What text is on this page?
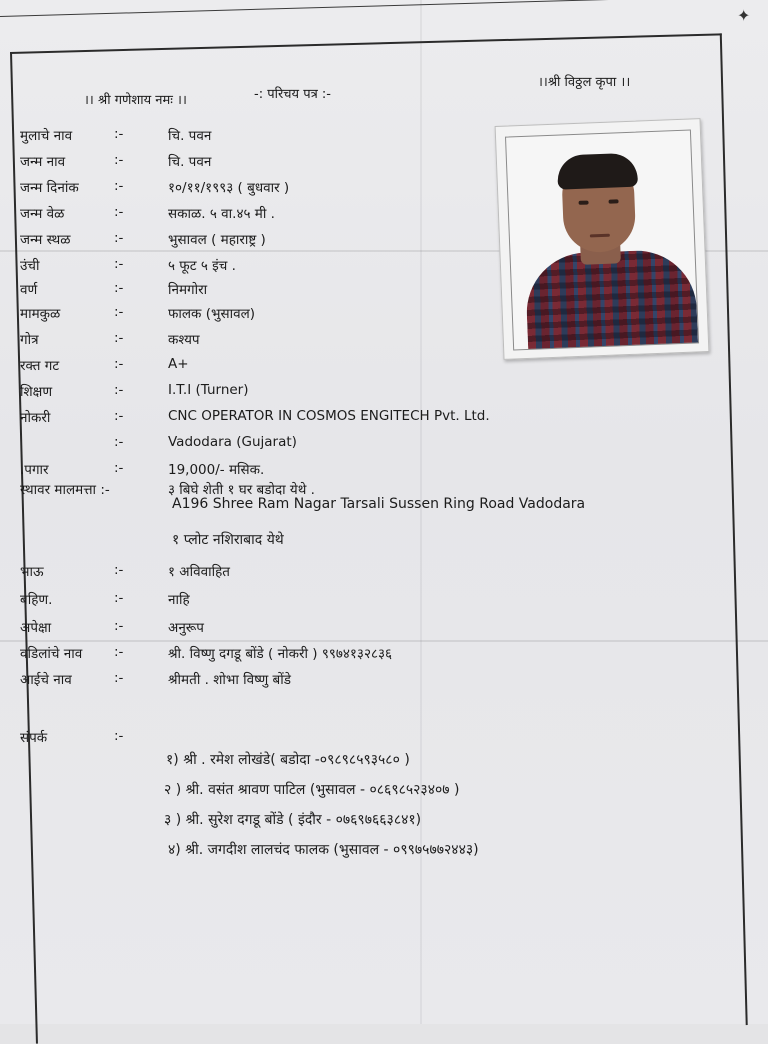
✦
।। श्री गणेशाय नमः ।।	-: परिचय पत्र :-
।।श्री विठ्ठल कृपा ।।
मुलाचे नाव	:-	चि. पवन
जन्म नाव	:-	चि. पवन
जन्म दिनांक	:-	१०/११/१९९३ ( बुधवार )
जन्म वेळ	:-	सकाळ. ५ वा.४५ मी .
जन्म स्थळ	:-	भुसावल ( महाराष्ट्र )
उंची	:-	५ फूट ५ इंच .
वर्ण	:-	निमगोरा
मामकुळ	:-	फालक (भुसावल)
गोत्र	:-	कश्यप
रक्त गट	:-	A+
शिक्षण	:-	I.T.I (Turner)
नोकरी	:-	CNC OPERATOR IN COSMOS ENGITECH Pvt. Ltd.
:-	Vadodara (Gujarat)
.पगार	:-	19,000/- मसिक.
स्थावर मालमत्ता :-	३ बिघे शेती १ घर बडोदा येथे .
A196 Shree Ram Nagar Tarsali Sussen Ring Road Vadodara
१ प्लोट नशिराबाद येथे
भाऊ	:-	१ अविवाहित
बहिण.	:-	नाहि
अपेक्षा	:-	अनुरूप
वडिलांचे नाव :-	श्री. विष्णु दगडू बोंडे ( नोकरी ) ९९७४१३२८३६
आईचे नाव	:-	श्रीमती . शोभा विष्णु बोंडे
संपर्क	:-
१) श्री . रमेश लोखंडे( बडोदा -०९८९८५९३५८० )
२ ) श्री. वसंत श्रावण पाटिल (भुसावल - ०८६९८५२३४०७ )
३ ) श्री. सुरेश दगडू बोंडे ( इंदौर - ०७६९७६६३८४१)
४) श्री. जगदीश लालचंद फालक (भुसावल - ०९९७५७७२४४३)
